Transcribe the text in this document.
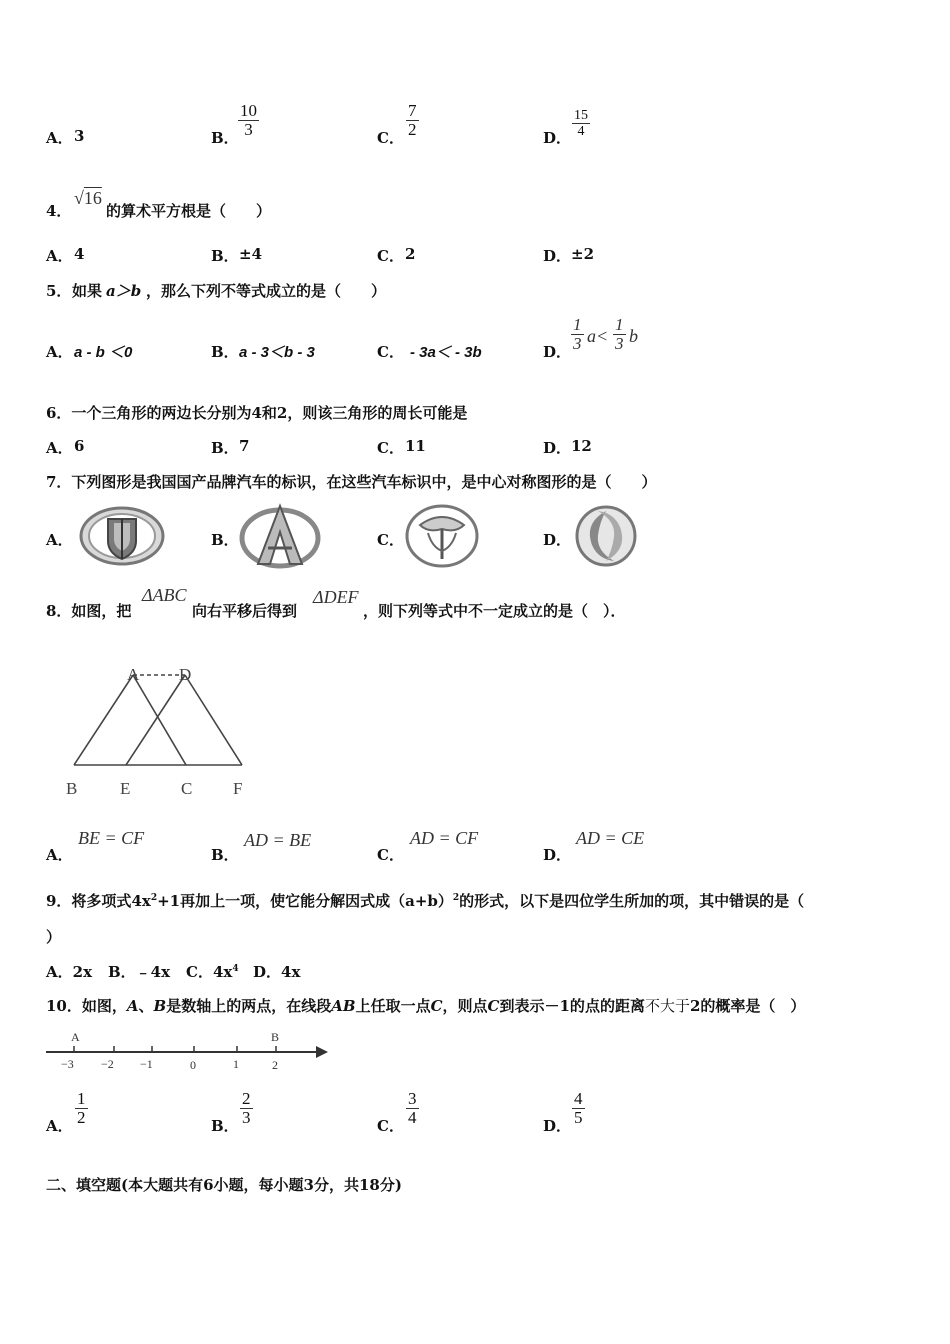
A． 3	B． $\frac{10}{3}$	C． $\frac{7}{2}$	D． $\frac{15}{4}$
4．
√16
的算术平方根是（　　）
A． 4	B． ±4	C． 2	D． ±2
5． 如果 a＞b ，那么下列不等式成立的是（　　）
A． a - b ＜0	B． a - 3＜b - 3	C． - 3a＜ - 3b	D． $\frac{1}{3} a< \frac{1}{3}$ b
6．一个三角形的两边长分别为4和2，则该三角形的周长可能是
A． 6	B． 7	C． 11	D． 12
7．下列图形是我国国产品牌汽车的标识，在这些汽车标识中，是中心对称图形的是（　　）
A．	B．	C．	D．
8．如图，把
ΔABC
向右平移后得到
ΔDEF
，则下列等式中不一定成立的是（　）．
A D
B	E	C F
A．
BE = CF
B．
AD = BE
C．
AD = CF
D．
AD = CE
9．将多项式$4x^2+1$再加上一项，使它能分解因式成$(a+b)^2$的形式，以下是四位学生所加的项，其中错误的是（
）
A．2x B．﹣4x C．$4x^4$ D．4x
10．如图，A、B是数轴上的两点，在线段AB上任取一点C，则点C到表示－1的点的距离不大于2的概率是（　）
A	B
−3 −2 −1	0	1	2
A． $\frac{1}{2}$	B． $\frac{2}{3}$	C． $\frac{3}{4}$	D． $\frac{4}{5}$
二、填空题(本大题共有6小题，每小题3分，共18分)
